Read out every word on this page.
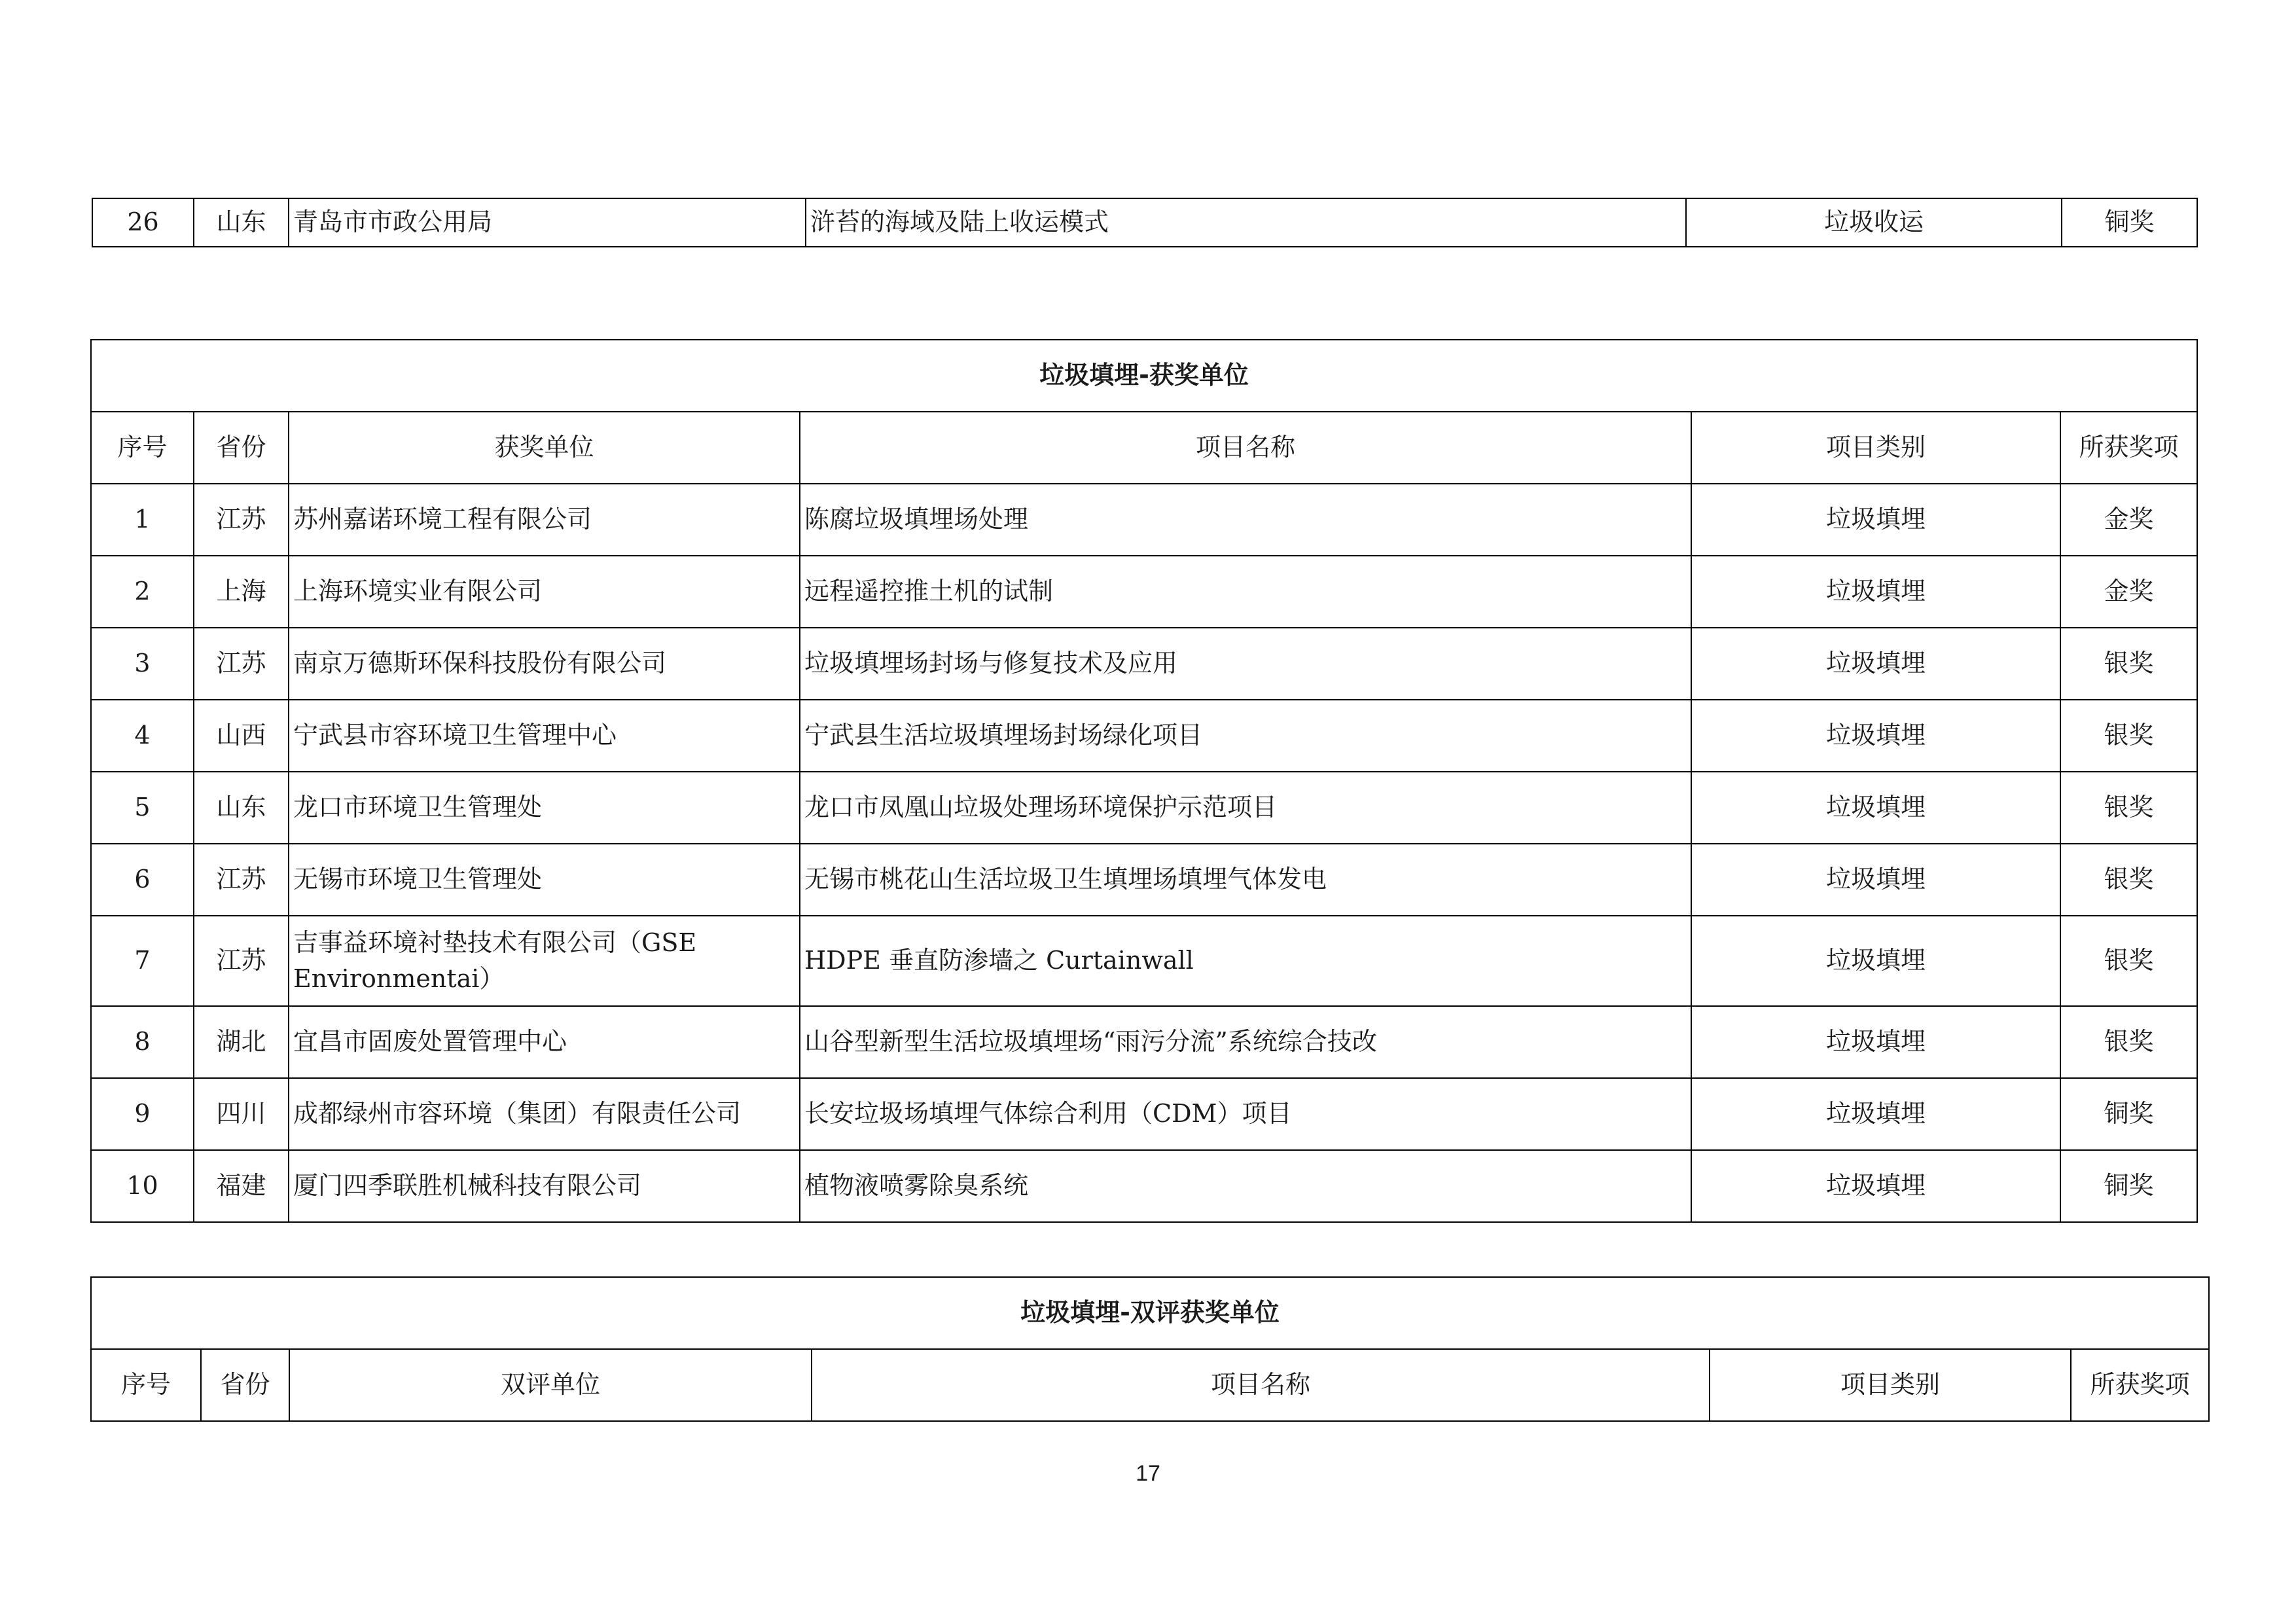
26	山东	青岛市市政公用局	浒苔的海域及陆上收运模式	垃圾收运	铜奖
垃圾填埋-获奖单位					
序号	省份	获奖单位	项目名称	项目类别	所获奖项
1	江苏	苏州嘉诺环境工程有限公司	陈腐垃圾填埋场处理	垃圾填埋	金奖
2	上海	上海环境实业有限公司	远程遥控推土机的试制	垃圾填埋	金奖
3	江苏	南京万德斯环保科技股份有限公司	垃圾填埋场封场与修复技术及应用	垃圾填埋	银奖
4	山西	宁武县市容环境卫生管理中心	宁武县生活垃圾填埋场封场绿化项目	垃圾填埋	银奖
5	山东	龙口市环境卫生管理处	龙口市凤凰山垃圾处理场环境保护示范项目	垃圾填埋	银奖
6	江苏	无锡市环境卫生管理处	无锡市桃花山生活垃圾卫生填埋场填埋气体发电	垃圾填埋	银奖
7	江苏	吉事益环境衬垫技术有限公司（GSE Environmentai）	HDPE 垂直防渗墙之 Curtainwall	垃圾填埋	银奖
8	湖北	宜昌市固废处置管理中心	山谷型新型生活垃圾填埋场“雨污分流”系统综合技改	垃圾填埋	银奖
9	四川	成都绿州市容环境（集团）有限责任公司	长安垃圾场填埋气体综合利用（CDM）项目	垃圾填埋	铜奖
10	福建	厦门四季联胜机械科技有限公司	植物液喷雾除臭系统	垃圾填埋	铜奖
垃圾填埋-双评获奖单位
序号	省份	双评单位	项目名称	项目类别	所获奖项
17
